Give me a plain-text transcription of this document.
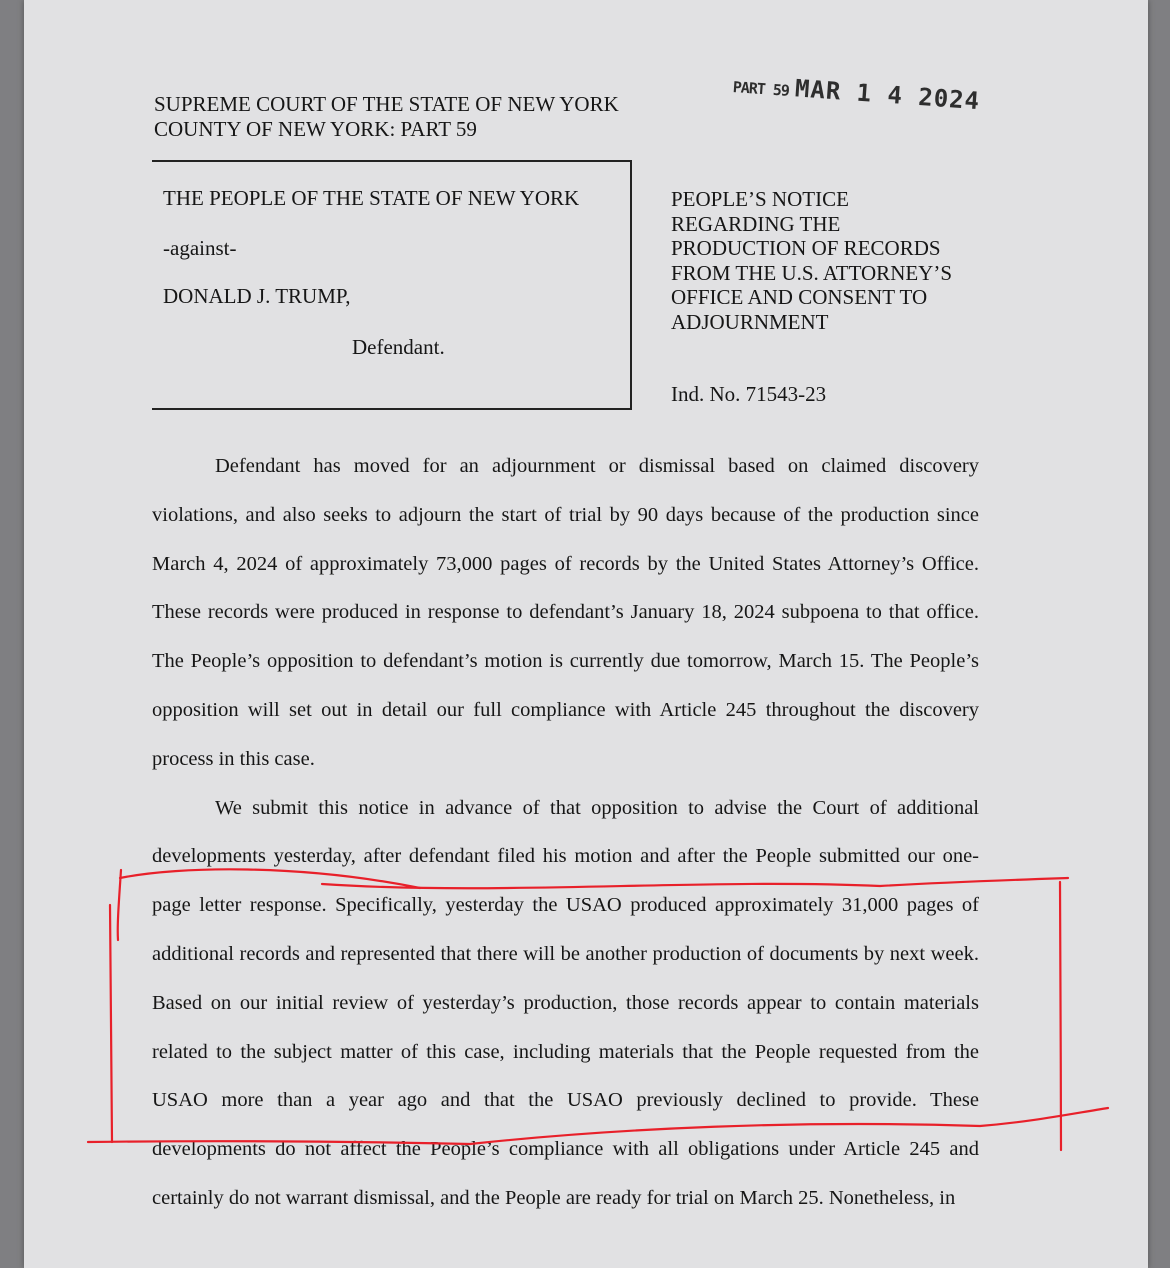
SUPREME COURT OF THE STATE OF NEW YORK
COUNTY OF NEW YORK: PART 59
PART 59 MAR 1 4 2024
THE PEOPLE OF THE STATE OF NEW YORK
-against-
DONALD J. TRUMP,
Defendant.
PEOPLE’S NOTICE
REGARDING THE
PRODUCTION OF RECORDS
FROM THE U.S. ATTORNEY’S
OFFICE AND CONSENT TO
ADJOURNMENT
Ind. No. 71543-23

Defendant has moved for an adjournment or dismissal based on claimed discovery violations, and also seeks to adjourn the start of trial by 90 days because of the production since March 4, 2024 of approximately 73,000 pages of records by the United States Attorney’s Office. These records were produced in response to defendant’s January 18, 2024 subpoena to that office. The People’s opposition to defendant’s motion is currently due tomorrow, March 15. The People’s opposition will set out in detail our full compliance with Article 245 throughout the discovery process in this case.

We submit this notice in advance of that opposition to advise the Court of additional developments yesterday, after defendant filed his motion and after the People submitted our one-page letter response. Specifically, yesterday the USAO produced approximately 31,000 pages of additional records and represented that there will be another production of documents by next week. Based on our initial review of yesterday’s production, those records appear to contain materials related to the subject matter of this case, including materials that the People requested from the USAO more than a year ago and that the USAO previously declined to provide. These developments do not affect the People’s compliance with all obligations under Article 245 and certainly do not warrant dismissal, and the People are ready for trial on March 25. Nonetheless, in
